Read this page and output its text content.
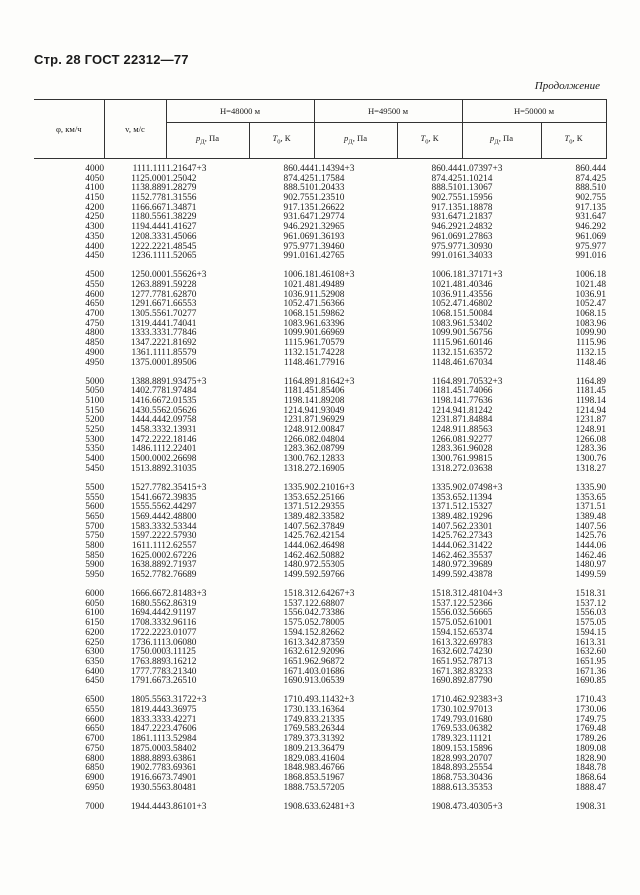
Стр. 28 ГОСТ 22312—77
Продолжение
φ, км/ч	v, м/с	H=48000 м		H=49500 м		H=50000 м	
		$p_Д$, Па	$T_0$, К	$p_Д$, Па	$T_0$, К	$p_Д$, Па	$T_0$, К

4000	1111.111	1.21647+3	860.444	1.14394+3	860.444	1.07397+3	860.444
4050	1125.000	1.25042	874.425	1.17584	874.425	1.10214	874.425
4100	1138.889	1.28279	888.510	1.20433	888.510	1.13067	888.510
4150	1152.778	1.31556	902.755	1.23510	902.755	1.15956	902.755
4200	1166.667	1.34871	917.135	1.26622	917.135	1.18878	917.135
4250	1180.556	1.38229	931.647	1.29774	931.647	1.21837	931.647
4300	1194.444	1.41627	946.292	1.32965	946.292	1.24832	946.292
4350	1208.333	1.45066	961.069	1.36193	961.069	1.27863	961.069
4400	1222.222	1.48545	975.977	1.39460	975.977	1.30930	975.977
4450	1236.111	1.52065	991.016	1.42765	991.016	1.34033	991.016

4500	1250.000	1.55626+3	1006.18	1.46108+3	1006.18	1.37171+3	1006.18
4550	1263.889	1.59228	1021.48	1.49489	1021.48	1.40346	1021.48
4600	1277.778	1.62870	1036.91	1.52908	1036.91	1.43556	1036.91
4650	1291.667	1.66553	1052.47	1.56366	1052.47	1.46802	1052.47
4700	1305.556	1.70277	1068.15	1.59862	1068.15	1.50084	1068.15
4750	1319.444	1.74041	1083.96	1.63396	1083.96	1.53402	1083.96
4800	1333.333	1.77846	1099.90	1.66969	1099.90	1.56756	1099.90
4850	1347.222	1.81692	1115.96	1.70579	1115.96	1.60146	1115.96
4900	1361.111	1.85579	1132.15	1.74228	1132.15	1.63572	1132.15
4950	1375.000	1.89506	1148.46	1.77916	1148.46	1.67034	1148.46

5000	1388.889	1.93475+3	1164.89	1.81642+3	1164.89	1.70532+3	1164.89
5050	1402.778	1.97484	1181.45	1.85406	1181.45	1.74066	1181.45
5100	1416.667	2.01535	1198.14	1.89208	1198.14	1.77636	1198.14
5150	1430.556	2.05626	1214.94	1.93049	1214.94	1.81242	1214.94
5200	1444.444	2.09758	1231.87	1.96929	1231.87	1.84884	1231.87
5250	1458.333	2.13931	1248.91	2.00847	1248.91	1.88563	1248.91
5300	1472.222	2.18146	1266.08	2.04804	1266.08	1.92277	1266.08
5350	1486.111	2.22401	1283.36	2.08799	1283.36	1.96028	1283.36
5400	1500.000	2.26698	1300.76	2.12833	1300.76	1.99815	1300.76
5450	1513.889	2.31035	1318.27	2.16905	1318.27	2.03638	1318.27

5500	1527.778	2.35415+3	1335.90	2.21016+3	1335.90	2.07498+3	1335.90
5550	1541.667	2.39835	1353.65	2.25166	1353.65	2.11394	1353.65
5600	1555.556	2.44297	1371.51	2.29355	1371.51	2.15327	1371.51
5650	1569.444	2.48800	1389.48	2.33582	1389.48	2.19296	1389.48
5700	1583.333	2.53344	1407.56	2.37849	1407.56	2.23301	1407.56
5750	1597.222	2.57930	1425.76	2.42154	1425.76	2.27343	1425.76
5800	1611.111	2.62557	1444.06	2.46498	1444.06	2.31422	1444.06
5850	1625.000	2.67226	1462.46	2.50882	1462.46	2.35537	1462.46
5900	1638.889	2.71937	1480.97	2.55305	1480.97	2.39689	1480.97
5950	1652.778	2.76689	1499.59	2.59766	1499.59	2.43878	1499.59

6000	1666.667	2.81483+3	1518.31	2.64267+3	1518.31	2.48104+3	1518.31
6050	1680.556	2.86319	1537.12	2.68807	1537.12	2.52366	1537.12
6100	1694.444	2.91197	1556.04	2.73386	1556.03	2.56665	1556.03
6150	1708.333	2.96116	1575.05	2.78005	1575.05	2.61001	1575.05
6200	1722.222	3.01077	1594.15	2.82662	1594.15	2.65374	1594.15
6250	1736.111	3.06080	1613.34	2.87359	1613.32	2.69783	1613.31
6300	1750.000	3.11125	1632.61	2.92096	1632.60	2.74230	1632.60
6350	1763.889	3.16212	1651.96	2.96872	1651.95	2.78713	1651.95
6400	1777.778	3.21340	1671.40	3.01686	1671.38	2.83233	1671.36
6450	1791.667	3.26510	1690.91	3.06539	1690.89	2.87790	1690.85

6500	1805.556	3.31722+3	1710.49	3.11432+3	1710.46	2.92383+3	1710.43
6550	1819.444	3.36975	1730.13	3.16364	1730.10	2.97013	1730.06
6600	1833.333	3.42271	1749.83	3.21335	1749.79	3.01680	1749.75
6650	1847.222	3.47606	1769.58	3.26344	1769.53	3.06382	1769.48
6700	1861.111	3.52984	1789.37	3.31392	1789.32	3.11121	1789.26
6750	1875.000	3.58402	1809.21	3.36479	1809.15	3.15896	1809.08
6800	1888.889	3.63861	1829.08	3.41604	1828.99	3.20707	1828.90
6850	1902.778	3.69361	1848.98	3.46766	1848.89	3.25554	1848.78
6900	1916.667	3.74901	1868.85	3.51967	1868.75	3.30436	1868.64
6950	1930.556	3.80481	1888.75	3.57205	1888.61	3.35353	1888.47

7000	1944.444	3.86101+3	1908.63	3.62481+3	1908.47	3.40305+3	1908.31
